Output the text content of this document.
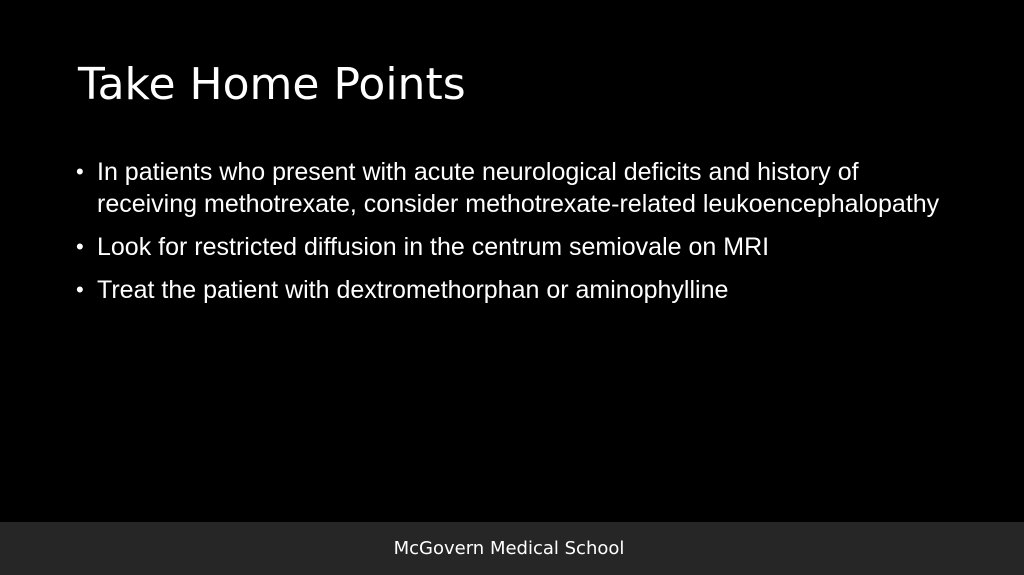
Take Home Points
• In patients who present with acute neurological deficits and history of receiving methotrexate, consider methotrexate-related leukoencephalopathy
• Look for restricted diffusion in the centrum semiovale on MRI
• Treat the patient with dextromethorphan or aminophylline
McGovern Medical School
